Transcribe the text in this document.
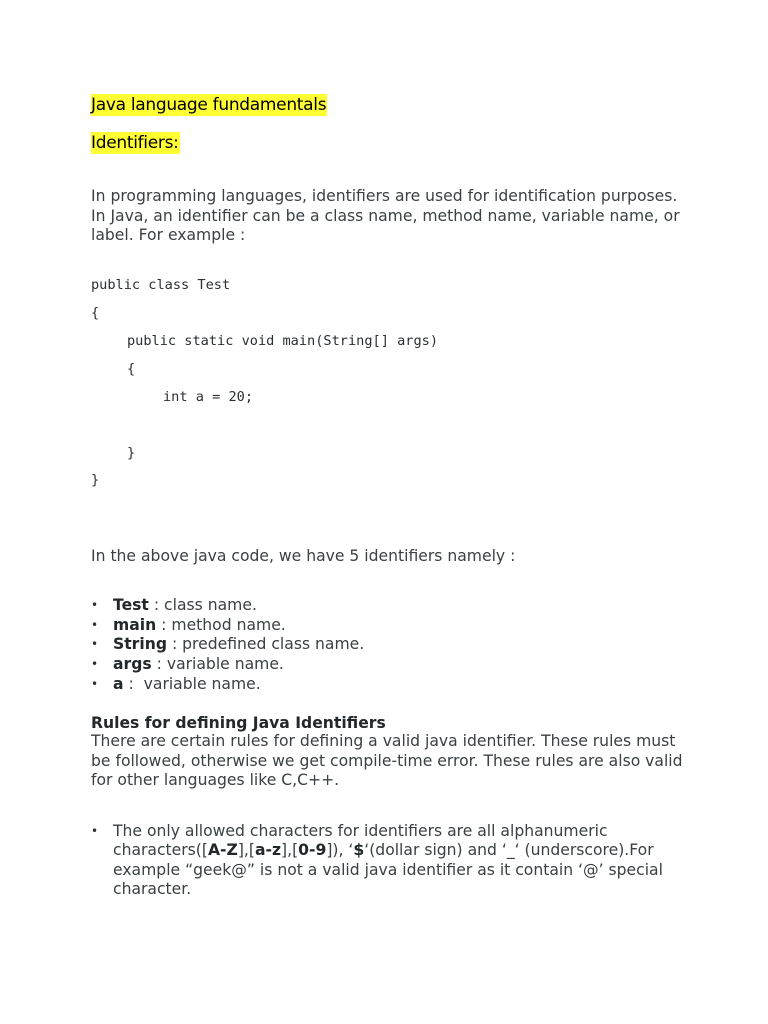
Java language fundamentals
Identifiers:

In programming languages, identifiers are used for identification purposes. In Java, an identifier can be a class name, method name, variable name, or label. For example :

public class Test
{
public static void main(String[] args)
{
int a = 20;
}
}

In the above java code, we have 5 identifiers namely :

• Test : class name.
• main : method name.
• String : predefined class name.
• args : variable name.
• a :  variable name.
Rules for defining Java Identifiers

There are certain rules for defining a valid java identifier. These rules must be followed, otherwise we get compile-time error. These rules are also valid for other languages like C,C++.

• The only allowed characters for identifiers are all alphanumeric characters([A-Z],[a-z],[0-9]), ‘$‘(dollar sign) and ‘_‘ (underscore).For example “geek@” is not a valid java identifier as it contain ‘@’ special character.
